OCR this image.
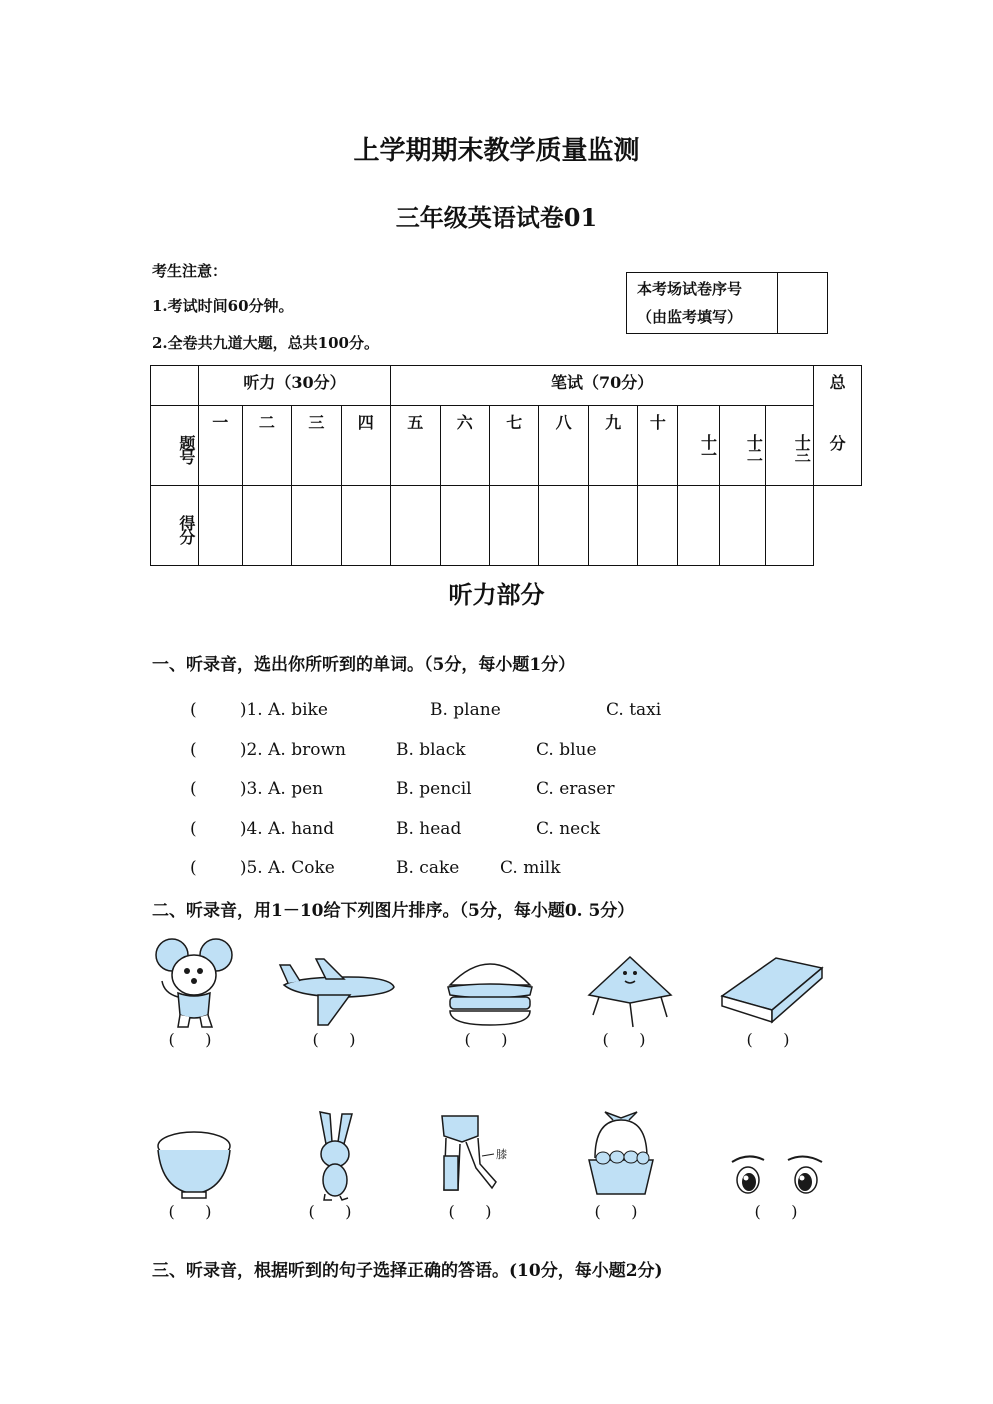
上学期期末教学质量监测
三年级英语试卷01
考生注意：
1.考试时间60分钟。
2.全卷共九道大题，总共100分。
本考场试卷序号
（由监考填写）
	听力（30分）				笔试（70分）									总
分

题号	一	二	三	四	五	六	七	八	九	十	十一	十二	十三	
得分														
听力部分
一、听录音，选出你所听到的单词。（5分，每小题1分）
(        )1. A. bike	B. plane	C. taxi
(        )2. A. brown	B. black	C. blue
(        )3. A. pen	B. pencil	C. eraser
(        )4. A. hand	B. head	C. neck
(        )5. A. Coke	B. cake C. milk
二、听录音，用1－10给下列图片排序。（5分，每小题0. 5分）
膝
(      )	(      )	(      )	(      )	(      )
(      )	(      )	(      )	(      )	(      )
三、听录音，根据听到的句子选择正确的答语。(10分，每小题2分)
